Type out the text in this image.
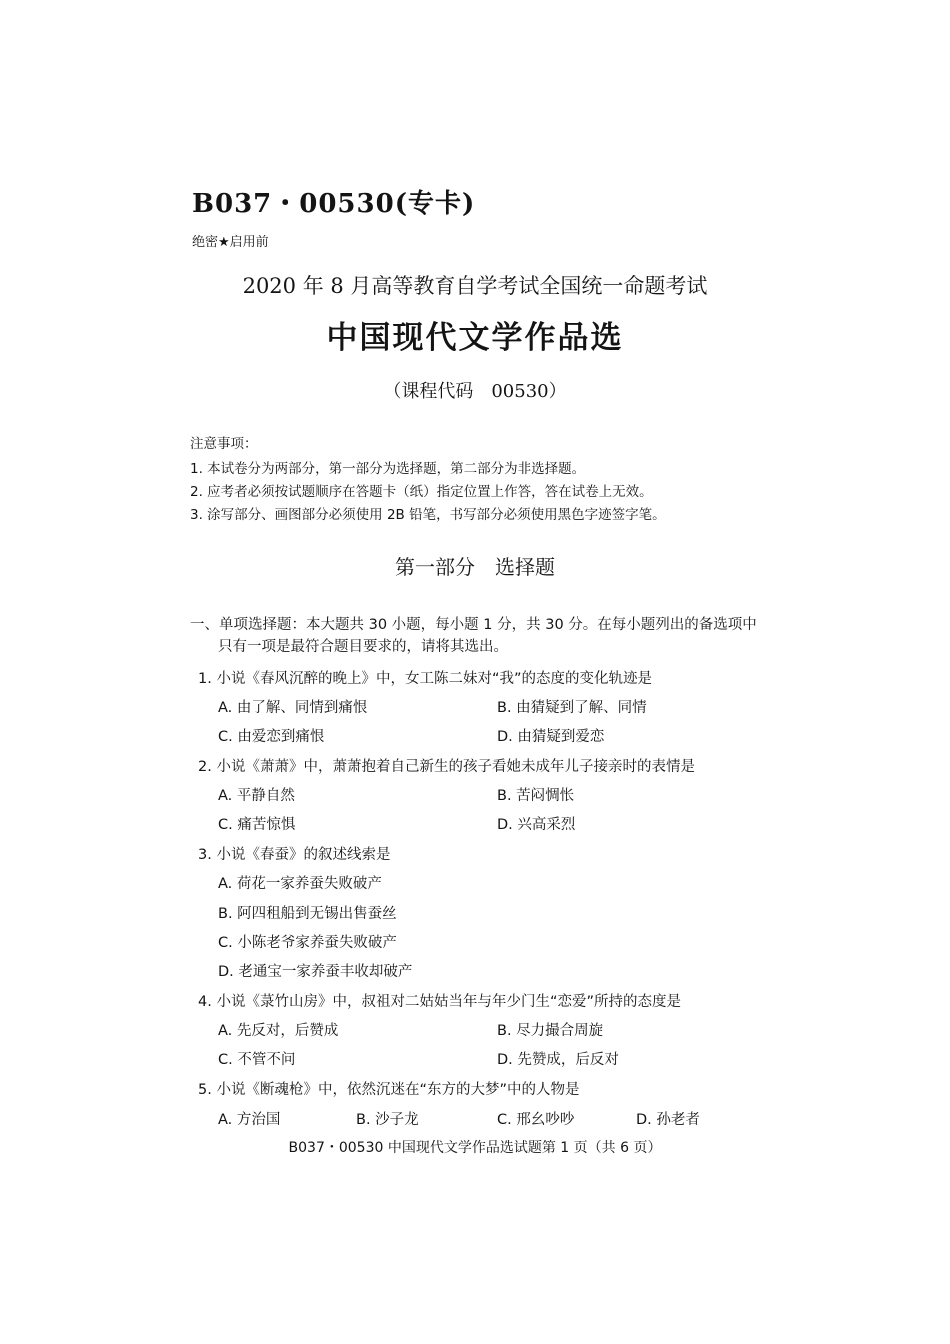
B037・00530(专卡)
绝密★启用前
2020 年 8 月高等教育自学考试全国统一命题考试
中国现代文学作品选
（课程代码　00530）
注意事项：
1. 本试卷分为两部分，第一部分为选择题，第二部分为非选择题。
2. 应考者必须按试题顺序在答题卡（纸）指定位置上作答，答在试卷上无效。
3. 涂写部分、画图部分必须使用 2B 铅笔，书写部分必须使用黑色字迹签字笔。
第一部分　选择题
一、单项选择题：本大题共 30 小题，每小题 1 分，共 30 分。在每小题列出的备选项中
只有一项是最符合题目要求的，请将其选出。
1. 小说《春风沉醉的晚上》中，女工陈二妹对“我”的态度的变化轨迹是
A. 由了解、同情到痛恨	B. 由猜疑到了解、同情
C. 由爱恋到痛恨	D. 由猜疑到爱恋
2. 小说《萧萧》中，萧萧抱着自己新生的孩子看她未成年儿子接亲时的表情是
A. 平静自然	B. 苦闷惆怅
C. 痛苦惊惧	D. 兴高采烈
3. 小说《春蚕》的叙述线索是
A. 荷花一家养蚕失败破产
B. 阿四租船到无锡出售蚕丝
C. 小陈老爷家养蚕失败破产
D. 老通宝一家养蚕丰收却破产
4. 小说《菉竹山房》中，叔祖对二姑姑当年与年少门生“恋爱”所持的态度是
A. 先反对，后赞成	B. 尽力撮合周旋
C. 不管不问	D. 先赞成，后反对
5. 小说《断魂枪》中，依然沉迷在“东方的大梦”中的人物是
A. 方治国	B. 沙子龙	C. 邢幺吵吵	D. 孙老者
B037・00530 中国现代文学作品选试题第 1 页（共 6 页）
